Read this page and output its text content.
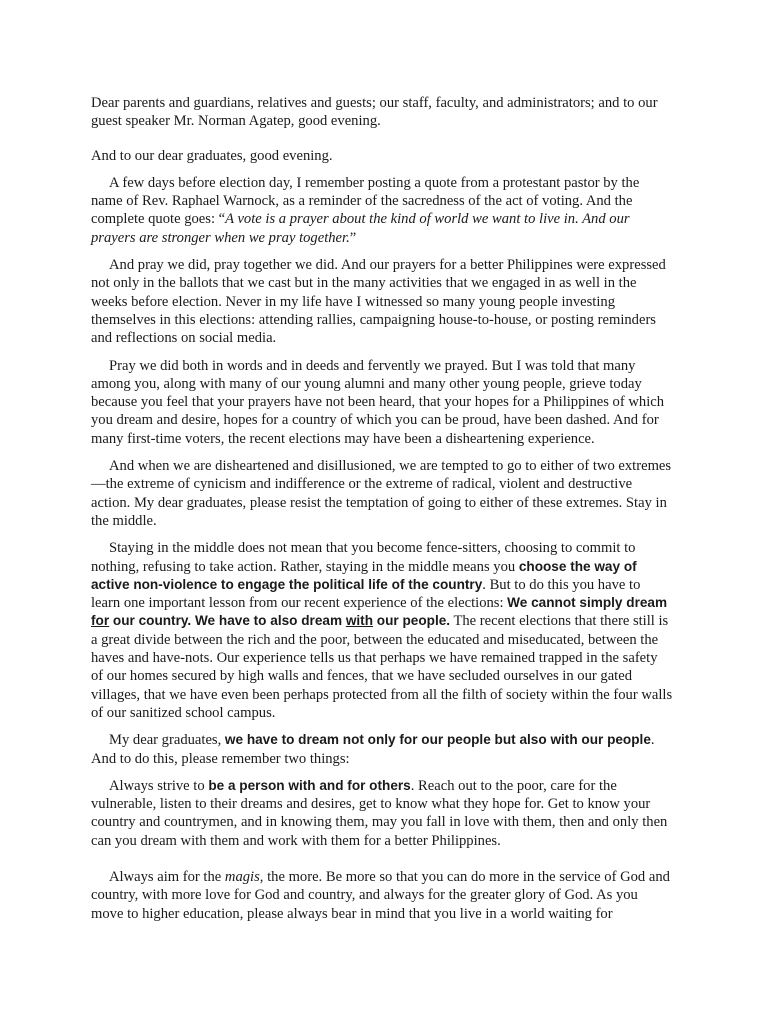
Dear parents and guardians, relatives and guests; our staff, faculty, and administrators; and to our guest speaker Mr. Norman Agatep, good evening.

And to our dear graduates, good evening.

A few days before election day, I remember posting a quote from a protestant pastor by the name of Rev. Raphael Warnock, as a reminder of the sacredness of the act of voting. And the complete quote goes: “A vote is a prayer about the kind of world we want to live in. And our prayers are stronger when we pray together.”

And pray we did, pray together we did. And our prayers for a better Philippines were expressed not only in the ballots that we cast but in the many activities that we engaged in as well in the weeks before election. Never in my life have I witnessed so many young people investing themselves in this elections: attending rallies, campaigning house-to-house, or posting reminders and reflections on social media.

Pray we did both in words and in deeds and fervently we prayed. But I was told that many among you, along with many of our young alumni and many other young people, grieve today because you feel that your prayers have not been heard, that your hopes for a Philippines of which you dream and desire, hopes for a country of which you can be proud, have been dashed. And for many first-time voters, the recent elections may have been a disheartening experience.

And when we are disheartened and disillusioned, we are tempted to go to either of two extremes—the extreme of cynicism and indifference or the extreme of radical, violent and destructive action. My dear graduates, please resist the temptation of going to either of these extremes. Stay in the middle.

Staying in the middle does not mean that you become fence-sitters, choosing to commit to nothing, refusing to take action. Rather, staying in the middle means you choose the way of active non-violence to engage the political life of the country. But to do this you have to learn one important lesson from our recent experience of the elections: We cannot simply dream for our country. We have to also dream with our people. The recent elections that there still is a great divide between the rich and the poor, between the educated and miseducated, between the haves and have-nots. Our experience tells us that perhaps we have remained trapped in the safety of our homes secured by high walls and fences, that we have secluded ourselves in our gated villages, that we have even been perhaps protected from all the filth of society within the four walls of our sanitized school campus.

My dear graduates, we have to dream not only for our people but also with our people. And to do this, please remember two things:

Always strive to be a person with and for others. Reach out to the poor, care for the vulnerable, listen to their dreams and desires, get to know what they hope for. Get to know your country and countrymen, and in knowing them, may you fall in love with them, then and only then can you dream with them and work with them for a better Philippines.

Always aim for the magis, the more. Be more so that you can do more in the service of God and country, with more love for God and country, and always for the greater glory of God. As you move to higher education, please always bear in mind that you live in a world waiting for
